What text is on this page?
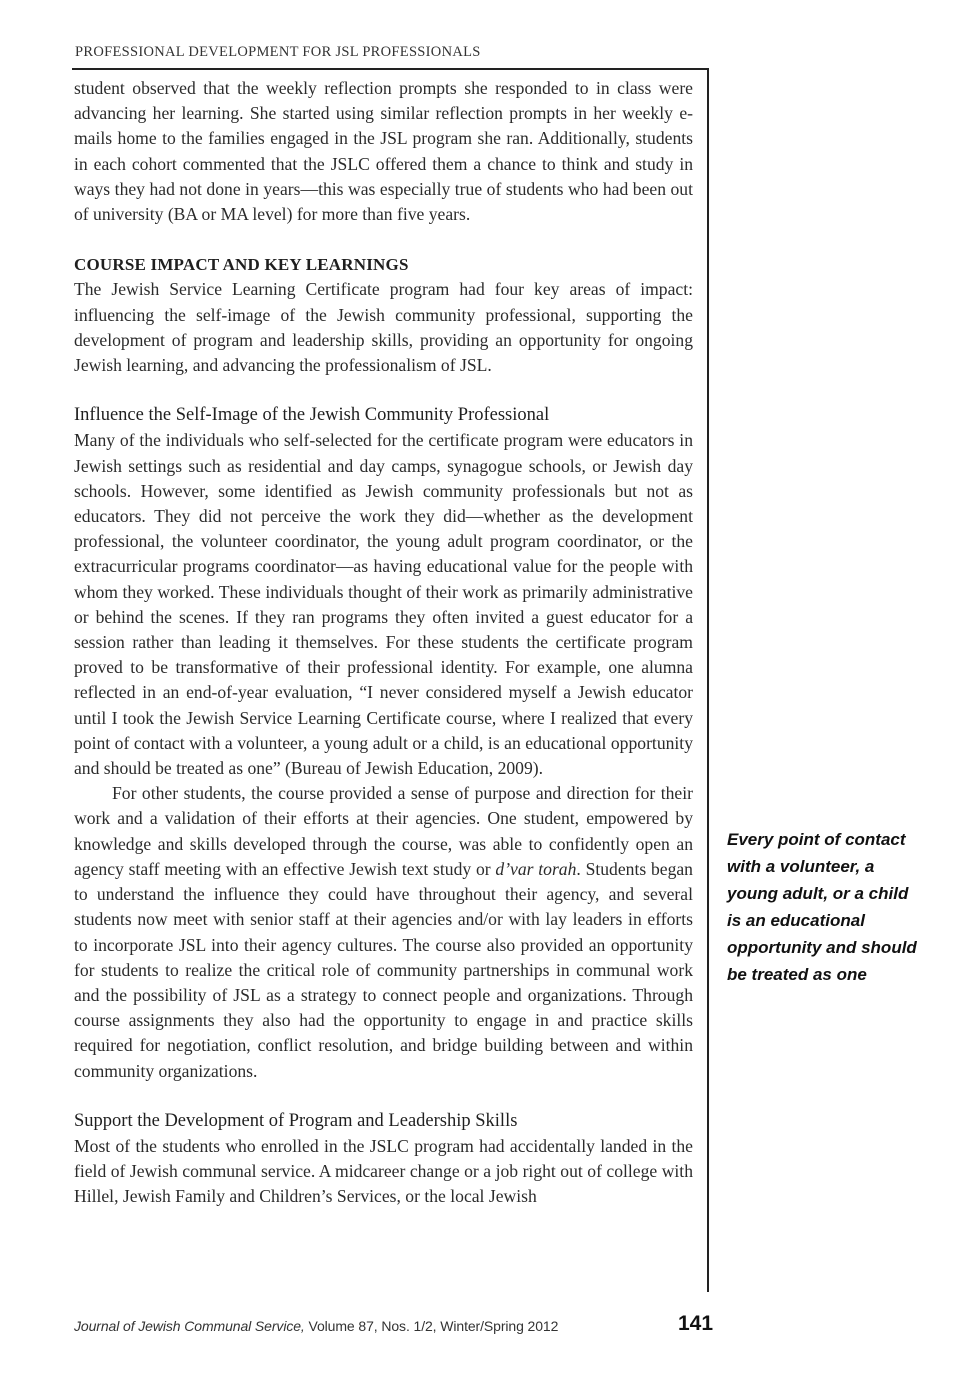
PROFESSIONAL DEVELOPMENT FOR JSL PROFESSIONALS

student observed that the weekly reflection prompts she responded to in class were advancing her learning. She started using similar reflection prompts in her weekly e-mails home to the families engaged in the JSL program she ran. Additionally, students in each cohort commented that the JSLC offered them a chance to think and study in ways they had not done in years—this was especially true of students who had been out of university (BA or MA level) for more than five years.

COURSE IMPACT AND KEY LEARNINGS

The Jewish Service Learning Certificate program had four key areas of impact: influencing the self-image of the Jewish community professional, supporting the development of program and leadership skills, providing an opportunity for ongoing Jewish learning, and advancing the professionalism of JSL.

Influence the Self-Image of the Jewish Community Professional

Many of the individuals who self-selected for the certificate program were educators in Jewish settings such as residential and day camps, synagogue schools, or Jewish day schools. However, some identified as Jewish community professionals but not as educators. They did not perceive the work they did—whether as the development professional, the volunteer coordinator, the young adult program coordinator, or the extracurricular programs coordinator—as having educational value for the people with whom they worked. These individuals thought of their work as primarily administrative or behind the scenes. If they ran programs they often invited a guest educator for a session rather than leading it themselves. For these students the certificate program proved to be transformative of their professional identity. For example, one alumna reflected in an end-of-year evaluation, “I never considered myself a Jewish educator until I took the Jewish Service Learning Certificate course, where I realized that every point of contact with a volunteer, a young adult or a child, is an educational opportunity and should be treated as one” (Bureau of Jewish Education, 2009).

For other students, the course provided a sense of purpose and direction for their work and a validation of their efforts at their agencies. One student, empowered by knowledge and skills developed through the course, was able to confidently open an agency staff meeting with an effective Jewish text study or d’var torah. Students began to understand the influence they could have throughout their agency, and several students now meet with senior staff at their agencies and/or with lay leaders in efforts to incorporate JSL into their agency cultures. The course also provided an opportunity for students to realize the critical role of community partnerships in communal work and the possibility of JSL as a strategy to connect people and organizations. Through course assignments they also had the opportunity to engage in and practice skills required for negotiation, conflict resolution, and bridge building between and within community organizations.

Support the Development of Program and Leadership Skills

Most of the students who enrolled in the JSLC program had accidentally landed in the field of Jewish communal service. A midcareer change or a job right out of college with Hillel, Jewish Family and Children’s Services, or the local Jewish

Every point of contact with a volunteer, a young adult, or a child is an educational opportunity and should be treated as one
Journal of Jewish Communal Service, Volume 87, Nos. 1/2, Winter/Spring 2012	141
